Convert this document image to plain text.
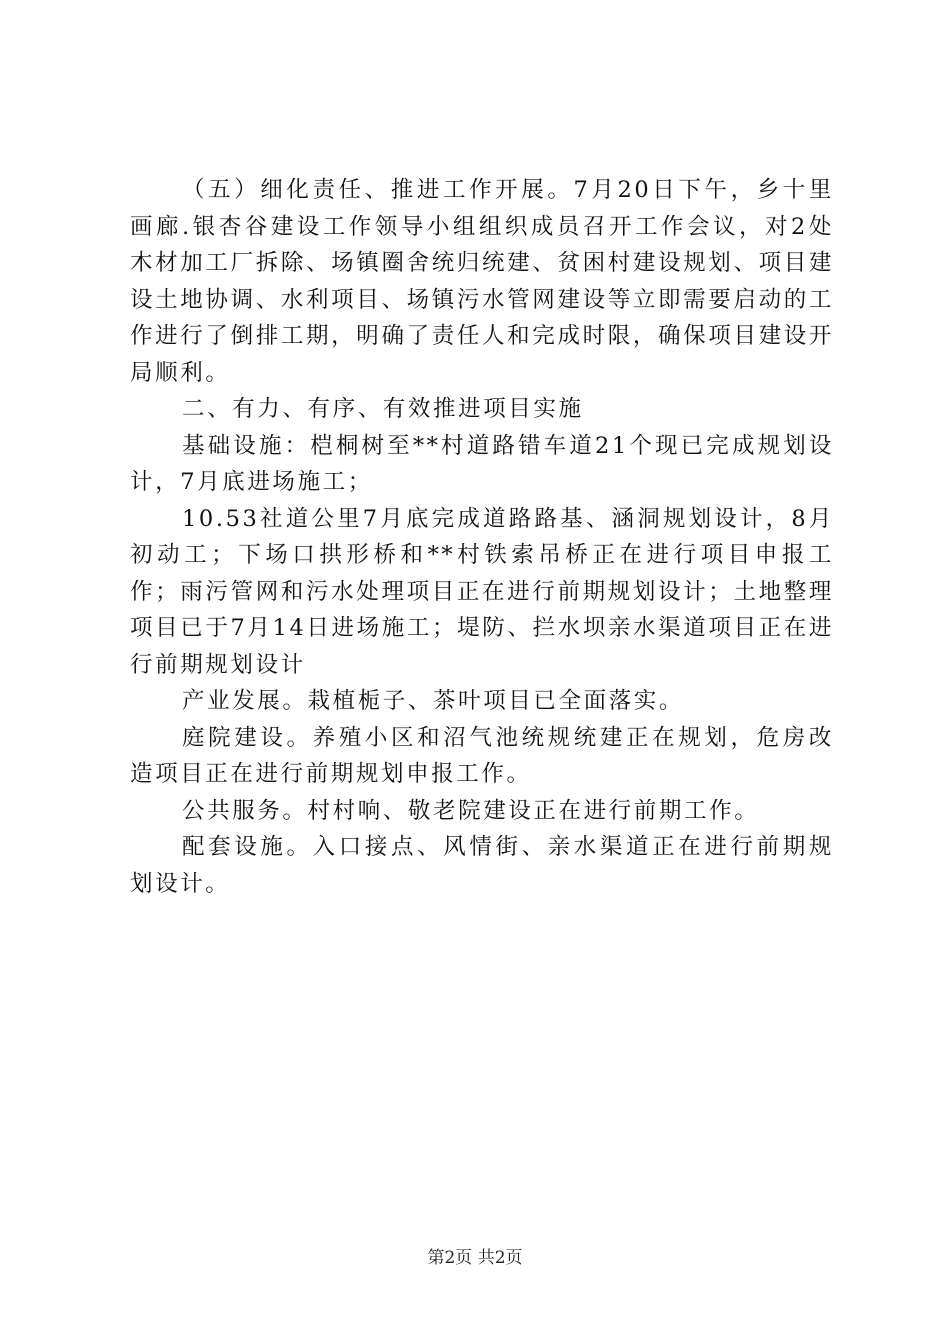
（五）细化责任、推进工作开展。7月20日下午，乡十里画廊.银杏谷建设工作领导小组组织成员召开工作会议，对2处木材加工厂拆除、场镇圈舍统归统建、贫困村建设规划、项目建设土地协调、水利项目、场镇污水管网建设等立即需要启动的工作进行了倒排工期，明确了责任人和完成时限，确保项目建设开局顺利。

二、有力、有序、有效推进项目实施

基础设施：桤桐树至**村道路错车道21个现已完成规划设计，7月底进场施工；

10.53社道公里7月底完成道路路基、涵洞规划设计，8月初动工；下场口拱形桥和**村铁索吊桥正在进行项目申报工作；雨污管网和污水处理项目正在进行前期规划设计；土地整理项目已于7月14日进场施工；堤防、拦水坝亲水渠道项目正在进行前期规划设计

产业发展。栽植栀子、茶叶项目已全面落实。

庭院建设。养殖小区和沼气池统规统建正在规划，危房改造项目正在进行前期规划申报工作。

公共服务。村村响、敬老院建设正在进行前期工作。

配套设施。入口接点、风情街、亲水渠道正在进行前期规划设计。

第2页 共2页
